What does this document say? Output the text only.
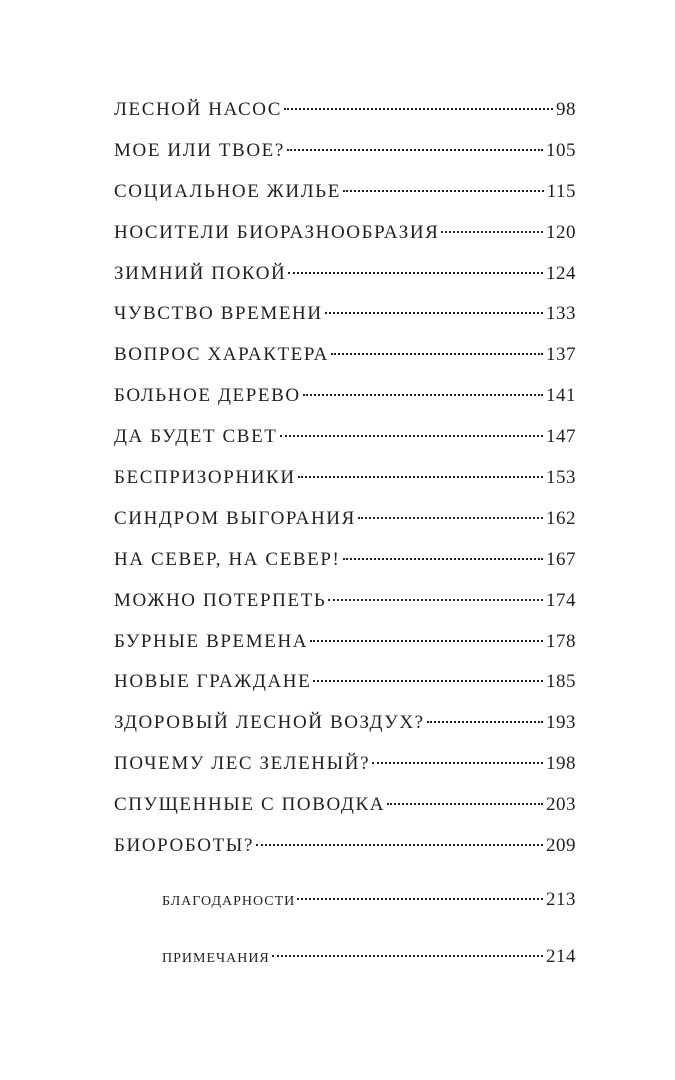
ЛЕСНОЙ НАСОС	98
МОЕ ИЛИ ТВОЕ?	105
СОЦИАЛЬНОЕ ЖИЛЬЕ	115
НОСИТЕЛИ БИОРАЗНООБРАЗИЯ	120
ЗИМНИЙ ПОКОЙ	124
ЧУВСТВО ВРЕМЕНИ	133
ВОПРОС ХАРАКТЕРА	137
БОЛЬНОЕ ДЕРЕВО	141
ДА БУДЕТ СВЕТ	147
БЕСПРИЗОРНИКИ	153
СИНДРОМ ВЫГОРАНИЯ	162
НА СЕВЕР, НА СЕВЕР!	167
МОЖНО ПОТЕРПЕТЬ	174
БУРНЫЕ ВРЕМЕНА	178
НОВЫЕ ГРАЖДАНЕ	185
ЗДОРОВЫЙ ЛЕСНОЙ ВОЗДУХ?	193
ПОЧЕМУ ЛЕС ЗЕЛЕНЫЙ?	198
СПУЩЕННЫЕ С ПОВОДКА	203
БИОРОБОТЫ?	209
БЛАГОДАРНОСТИ	213
ПРИМЕЧАНИЯ	214
